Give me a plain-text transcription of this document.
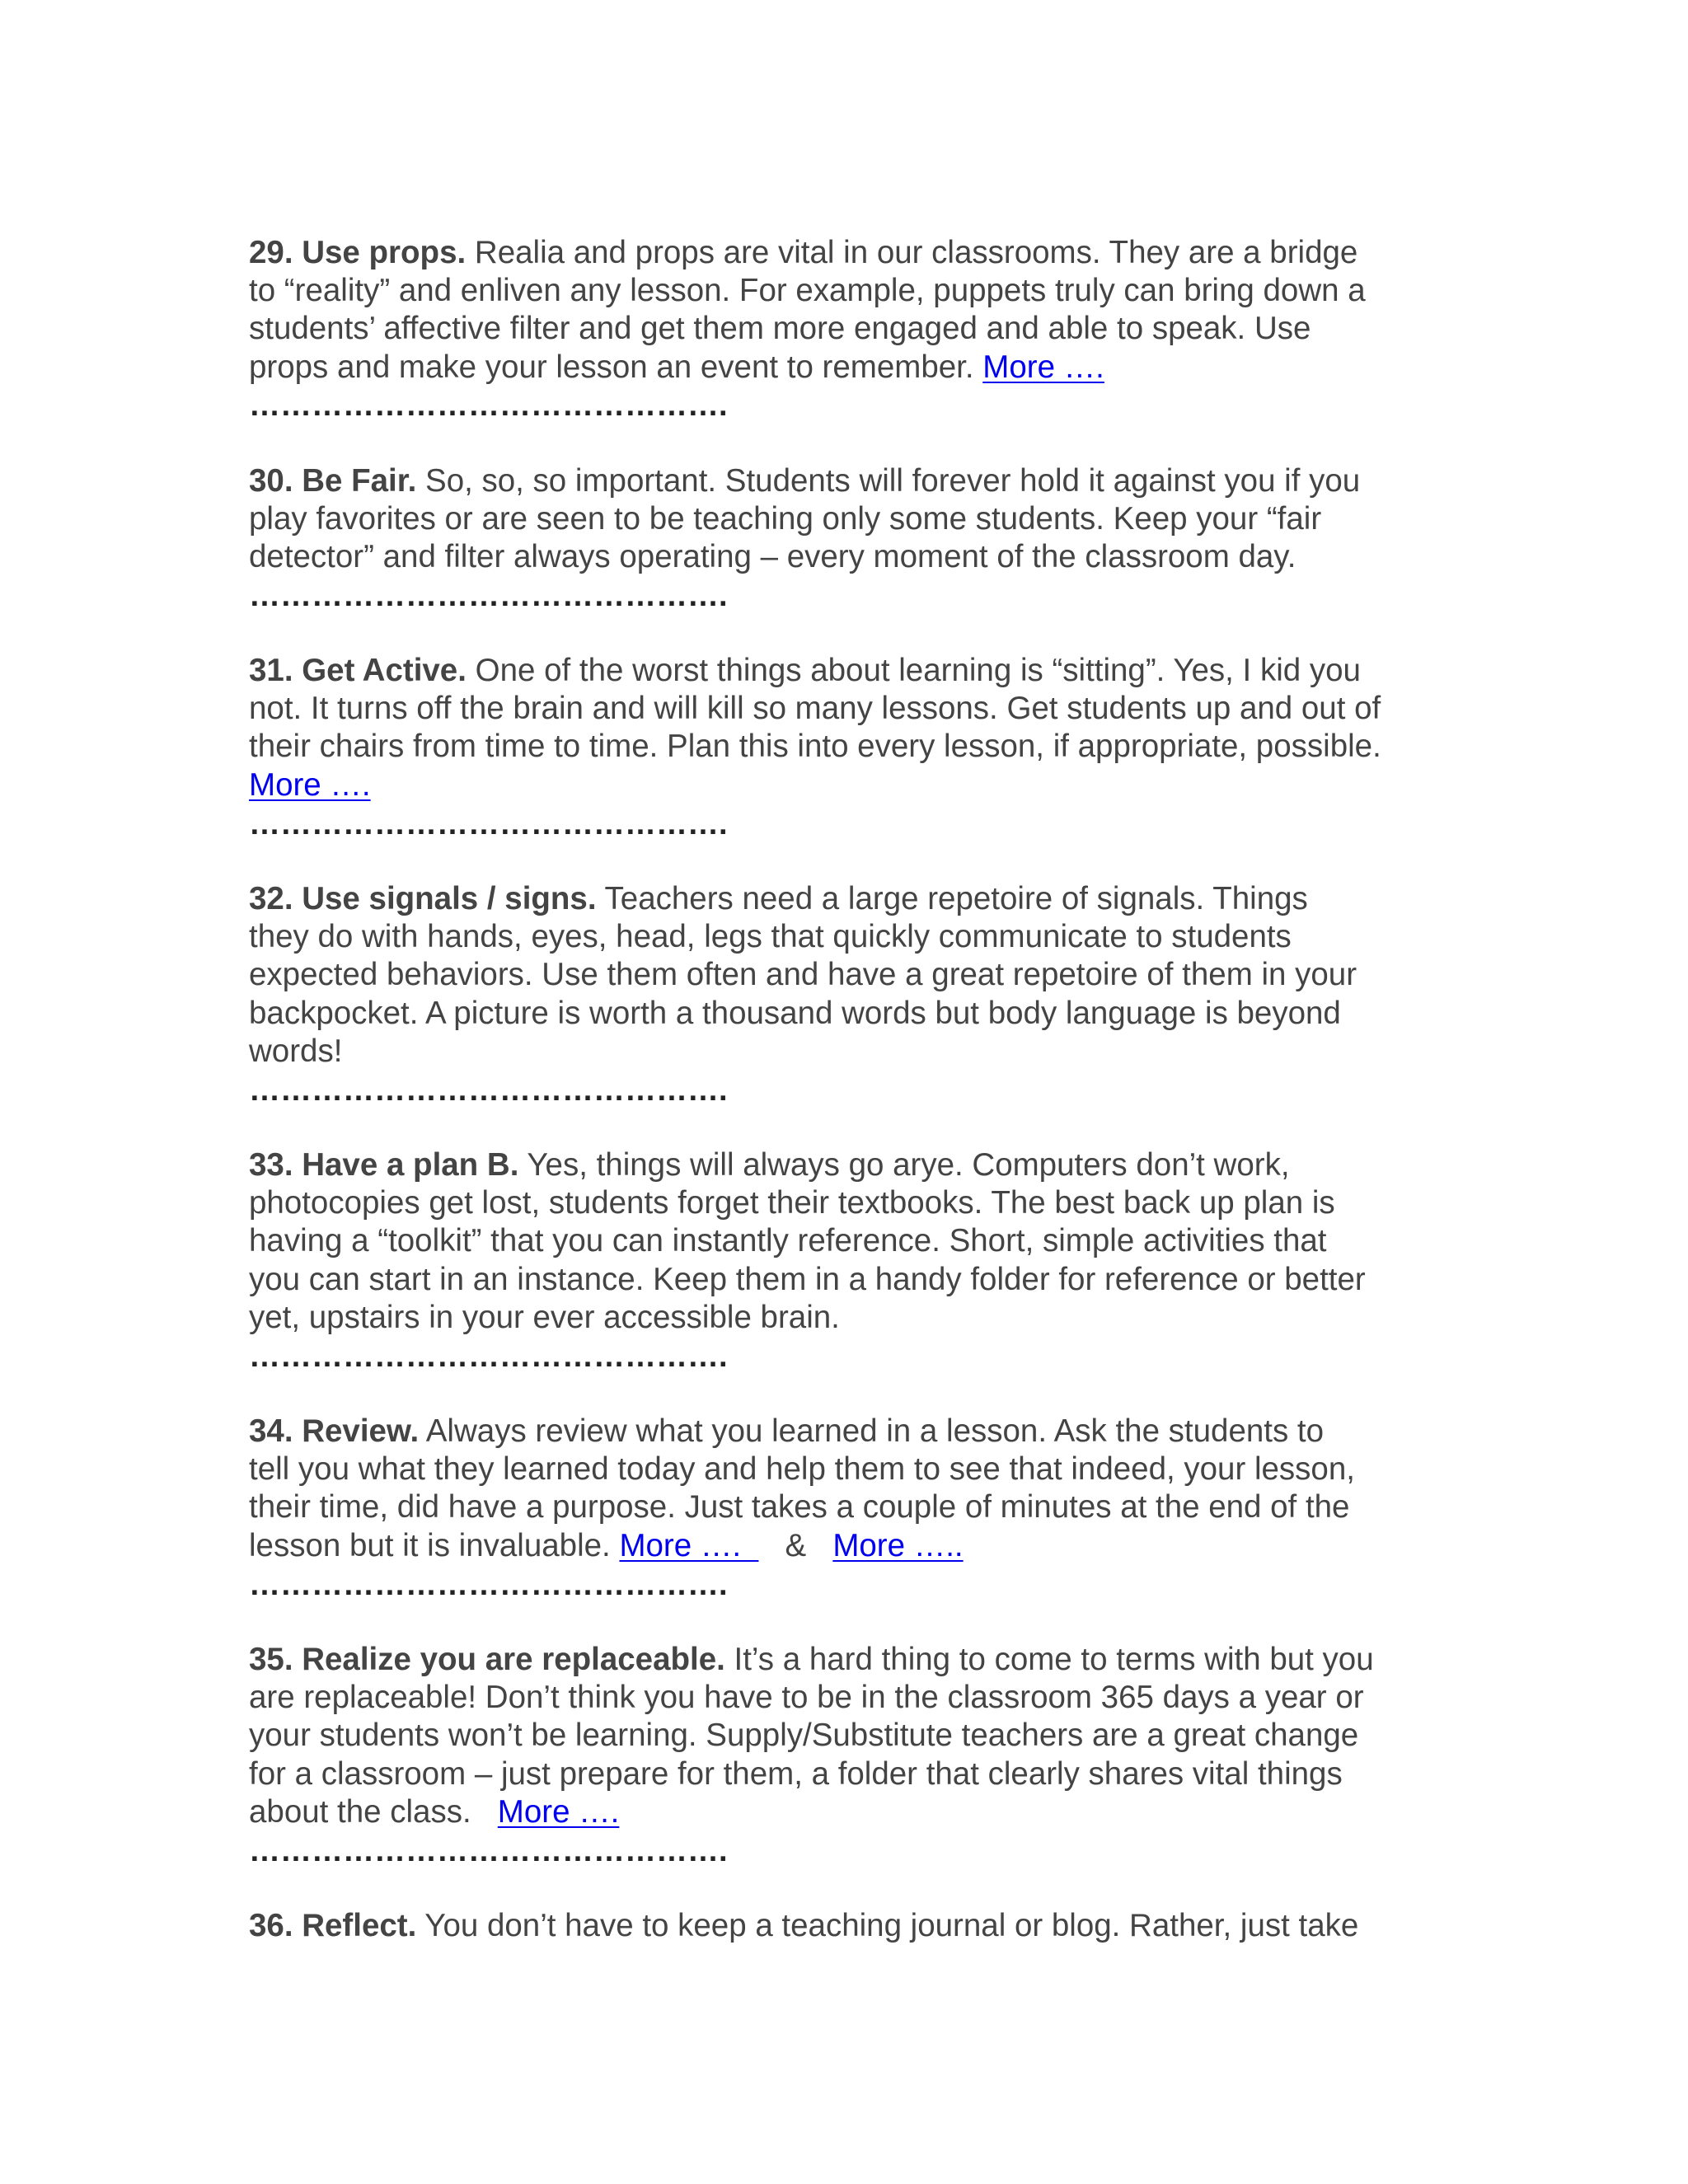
29. Use props. Realia and props are vital in our classrooms. They are a bridge
to “reality” and enliven any lesson. For example, puppets truly can bring down a
students’ affective filter and get them more engaged and able to speak. Use
props and make your lesson an event to remember. More ….
……………………………………….
30. Be Fair. So, so, so important. Students will forever hold it against you if you
play favorites or are seen to be teaching only some students. Keep your “fair
detector” and filter always operating – every moment of the classroom day.
……………………………………….
31. Get Active. One of the worst things about learning is “sitting”. Yes, I kid you
not. It turns off the brain and will kill so many lessons. Get students up and out of
their chairs from time to time. Plan this into every lesson, if appropriate, possible.
More ….
……………………………………….
32. Use signals / signs. Teachers need a large repetoire of signals. Things
they do with hands, eyes, head, legs that quickly communicate to students
expected behaviors. Use them often and have a great repetoire of them in your
backpocket. A picture is worth a thousand words but body language is beyond
words!
……………………………………….
33. Have a plan B. Yes, things will always go arye. Computers don’t work,
photocopies get lost, students forget their textbooks. The best back up plan is
having a “toolkit” that you can instantly reference. Short, simple activities that
you can start in an instance. Keep them in a handy folder for reference or better
yet, upstairs in your ever accessible brain.
……………………………………….
34. Review. Always review what you learned in a lesson. Ask the students to
tell you what they learned today and help them to see that indeed, your lesson,
their time, did have a purpose. Just takes a couple of minutes at the end of the
lesson but it is invaluable. More ….     &   More …..
……………………………………….
35. Realize you are replaceable. It’s a hard thing to come to terms with but you
are replaceable! Don’t think you have to be in the classroom 365 days a year or
your students won’t be learning. Supply/Substitute teachers are a great change
for a classroom – just prepare for them, a folder that clearly shares vital things
about the class.   More ….
……………………………………….
36. Reflect. You don’t have to keep a teaching journal or blog. Rather, just take
